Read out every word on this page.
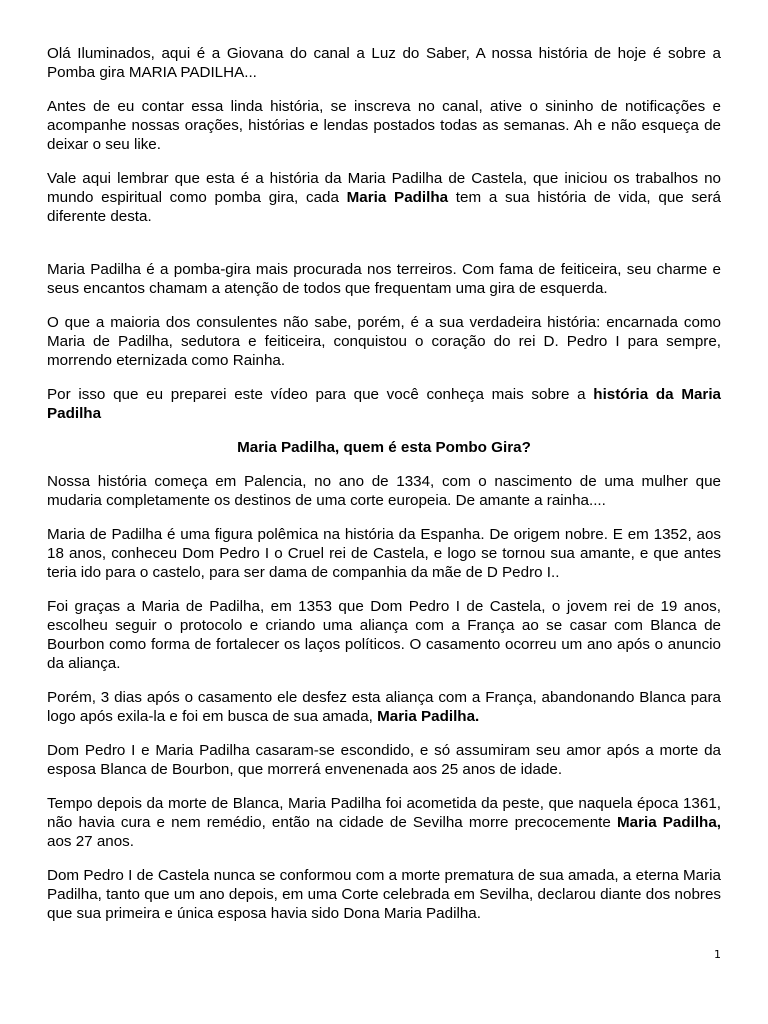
Olá Iluminados, aqui é a Giovana do canal a Luz do Saber, A nossa história de hoje é sobre a Pomba gira MARIA PADILHA...

Antes de eu contar essa linda história, se inscreva no canal, ative o sininho de notificações e acompanhe nossas orações, histórias e lendas postados todas as semanas. Ah e não esqueça de deixar o seu like.

Vale aqui lembrar que esta é a história da Maria Padilha de Castela, que iniciou os trabalhos no mundo espiritual como pomba gira, cada Maria Padilha tem a sua história de vida, que será diferente desta.

Maria Padilha é a pomba-gira mais procurada nos terreiros. Com fama de feiticeira, seu charme e seus encantos chamam a atenção de todos que frequentam uma gira de esquerda.

O que a maioria dos consulentes não sabe, porém, é a sua verdadeira história: encarnada como Maria de Padilha, sedutora e feiticeira, conquistou o coração do rei D. Pedro I para sempre, morrendo eternizada como Rainha.

Por isso que eu preparei este vídeo para que você conheça mais sobre a história da Maria Padilha

Maria Padilha, quem é esta Pombo Gira?

Nossa história começa em Palencia, no ano de 1334, com o nascimento de uma mulher que mudaria completamente os destinos de uma corte europeia. De amante a rainha....

Maria de Padilha é uma figura polêmica na história da Espanha. De origem nobre. E em 1352, aos 18 anos, conheceu Dom Pedro I o Cruel rei de Castela, e logo se tornou sua amante, e que antes teria ido para o castelo, para ser dama de companhia da mãe de D Pedro I..

Foi graças a Maria de Padilha, em 1353 que Dom Pedro I de Castela, o jovem rei de 19 anos, escolheu seguir o protocolo e criando uma aliança com a França ao se casar com Blanca de Bourbon como forma de fortalecer os laços políticos. O casamento ocorreu um ano após o anuncio da aliança.

Porém, 3 dias após o casamento ele desfez esta aliança com a França, abandonando Blanca para logo após exila-la e foi em busca de sua amada, Maria Padilha.

Dom Pedro I e Maria Padilha casaram-se escondido, e só assumiram seu amor após a morte da esposa Blanca de Bourbon, que morrerá envenenada aos 25 anos de idade.

Tempo depois da morte de Blanca, Maria Padilha foi acometida da peste, que naquela época 1361, não havia cura e nem remédio, então na cidade de Sevilha morre precocemente Maria Padilha, aos 27 anos.

Dom Pedro I de Castela nunca se conformou com a morte prematura de sua amada, a eterna Maria Padilha, tanto que um ano depois, em uma Corte celebrada em Sevilha, declarou diante dos nobres que sua primeira e única esposa havia sido Dona Maria Padilha.

1
